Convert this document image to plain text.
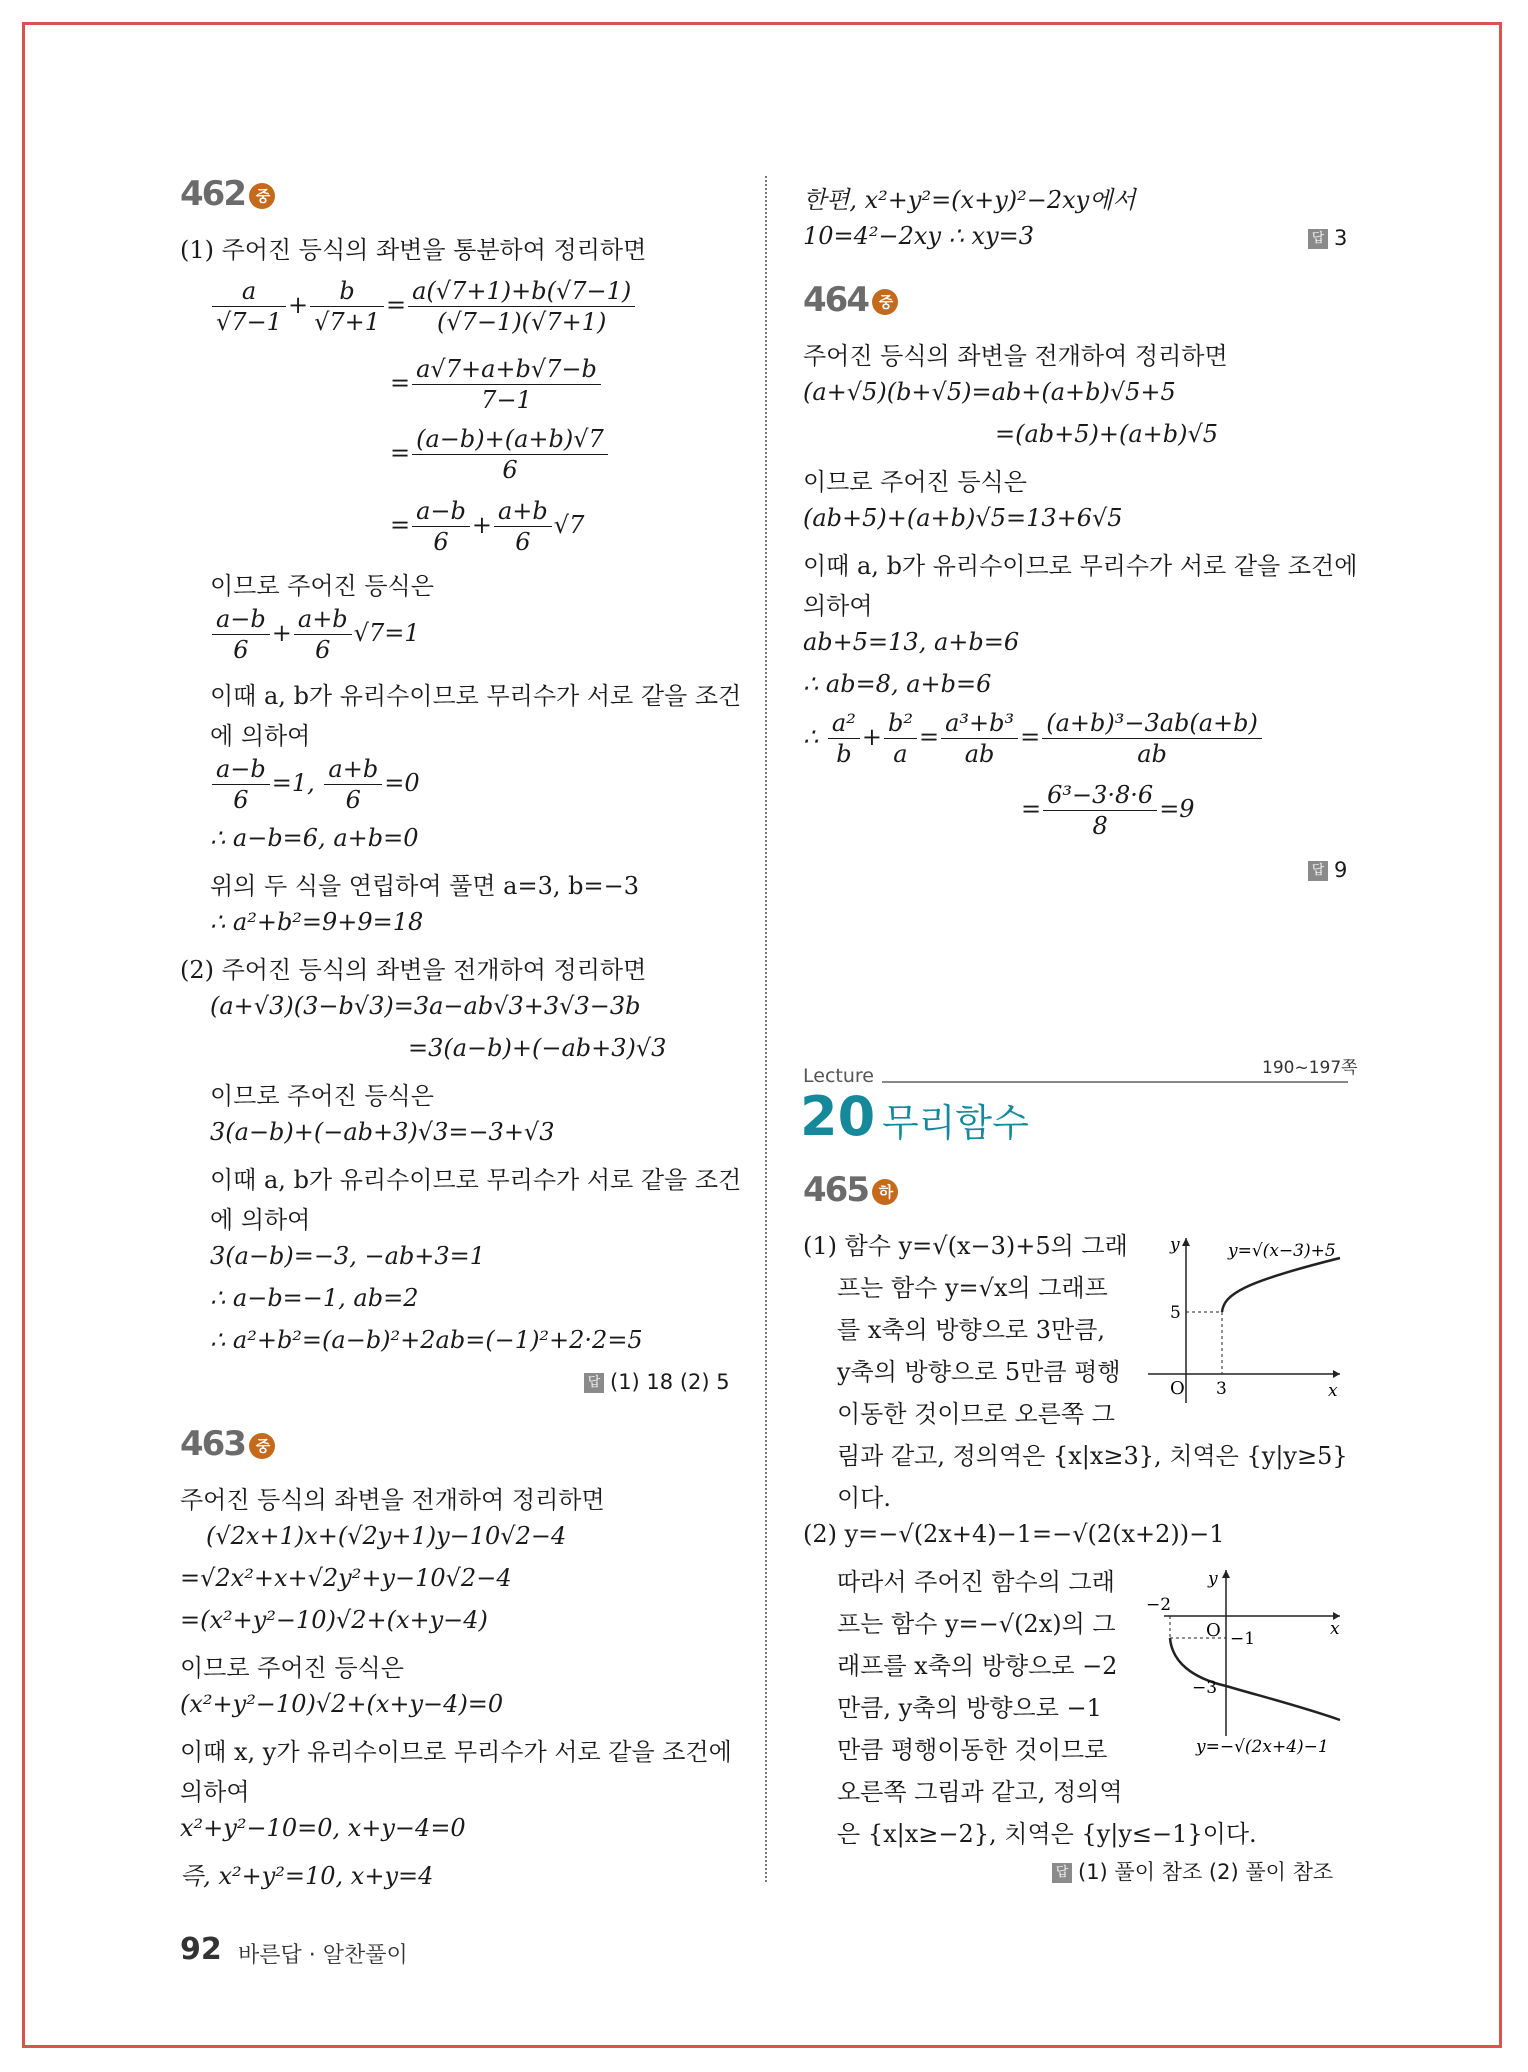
462 중
(1) 주어진 등식의 좌변을 통분하여 정리하면
$\frac{a}{√7-1} + \frac{b}{√7+1} = \frac{a(√7+1)+b(√7-1)}{(√7-1)(√7+1)}$
= $\frac{a√7+a+b√7-b}{7-1}$
= $\frac{(a-b)+(a+b)√7}{6}$
= $\frac{a-b}{6} + \frac{a+b}{6} √7$
이므로 주어진 등식은
$\frac{a-b}{6} + \frac{a+b}{6} √7=1$
이때 a, b가 유리수이므로 무리수가 서로 같을 조건
에 의하여
$\frac{a-b}{6} =1$, $\frac{a+b}{6} =0$
∴ a−b=6, a+b=0
위의 두 식을 연립하여 풀면 a=3, b=−3
∴ a²+b²=9+9=18
(2) 주어진 등식의 좌변을 전개하여 정리하면
(a+√3)(3−b√3)=3a−ab√3+3√3−3b
=3(a−b)+(−ab+3)√3
이므로 주어진 등식은
3(a−b)+(−ab+3)√3=−3+√3
이때 a, b가 유리수이므로 무리수가 서로 같을 조건
에 의하여
3(a−b)=−3, −ab+3=1
∴ a−b=−1, ab=2
∴ a²+b²=(a−b)²+2ab=(−1)²+2·2=5
답 (1) 18 (2) 5
463 중
주어진 등식의 좌변을 전개하여 정리하면
(√2x+1)x+(√2y+1)y−10√2−4
=√2x²+x+√2y²+y−10√2−4
=(x²+y²−10)√2+(x+y−4)
이므로 주어진 등식은
(x²+y²−10)√2+(x+y−4)=0
이때 x, y가 유리수이므로 무리수가 서로 같을 조건에
의하여
x²+y²−10=0, x+y−4=0
즉, x²+y²=10, x+y=4
한편, x²+y²=(x+y)²−2xy에서
10=4²−2xy ∴ xy=3	답 3
464 중
주어진 등식의 좌변을 전개하여 정리하면
(a+√5)(b+√5)=ab+(a+b)√5+5
=(ab+5)+(a+b)√5
이므로 주어진 등식은
(ab+5)+(a+b)√5=13+6√5
이때 a, b가 유리수이므로 무리수가 서로 같을 조건에
의하여
ab+5=13, a+b=6
∴ ab=8, a+b=6
∴ $\frac{\text{a²}}{b} + \frac{\text{b²}}{a} = \frac{\text{a³+b³}}{ab} = \frac{\text{(a+b)³−3ab(a+b)}}{ab}$
= $\frac{\text{6³−3·8·6}}{8} =9$
답 9
190~197쪽
Lecture
20 무리함수
465 하
(1) 함수 y=√(x−3)+5의 그래
프는 함수 y=√x의 그래프
를 x축의 방향으로 3만큼,
y축의 방향으로 5만큼 평행
이동한 것이므로 오른쪽 그
림과 같고, 정의역은 {x|x≥3}, 치역은 {y|y≥5}
이다.
(2) y=−√(2x+4)−1=−√(2(x+2))−1
따라서 주어진 함수의 그래
프는 함수 y=−√(2x)의 그
래프를 x축의 방향으로 −2
만큼, y축의 방향으로 −1
만큼 평행이동한 것이므로
오른쪽 그림과 같고, 정의역
은 {x|x≥−2}, 치역은 {y|y≤−1}이다.
y=√(x−3)+5
y
x
O 3
5
y
x
O
−2
−1
−3
y=−√(2x+4)−1
답 (1) 풀이 참조 (2) 풀이 참조
92 바른답 · 알찬풀이
